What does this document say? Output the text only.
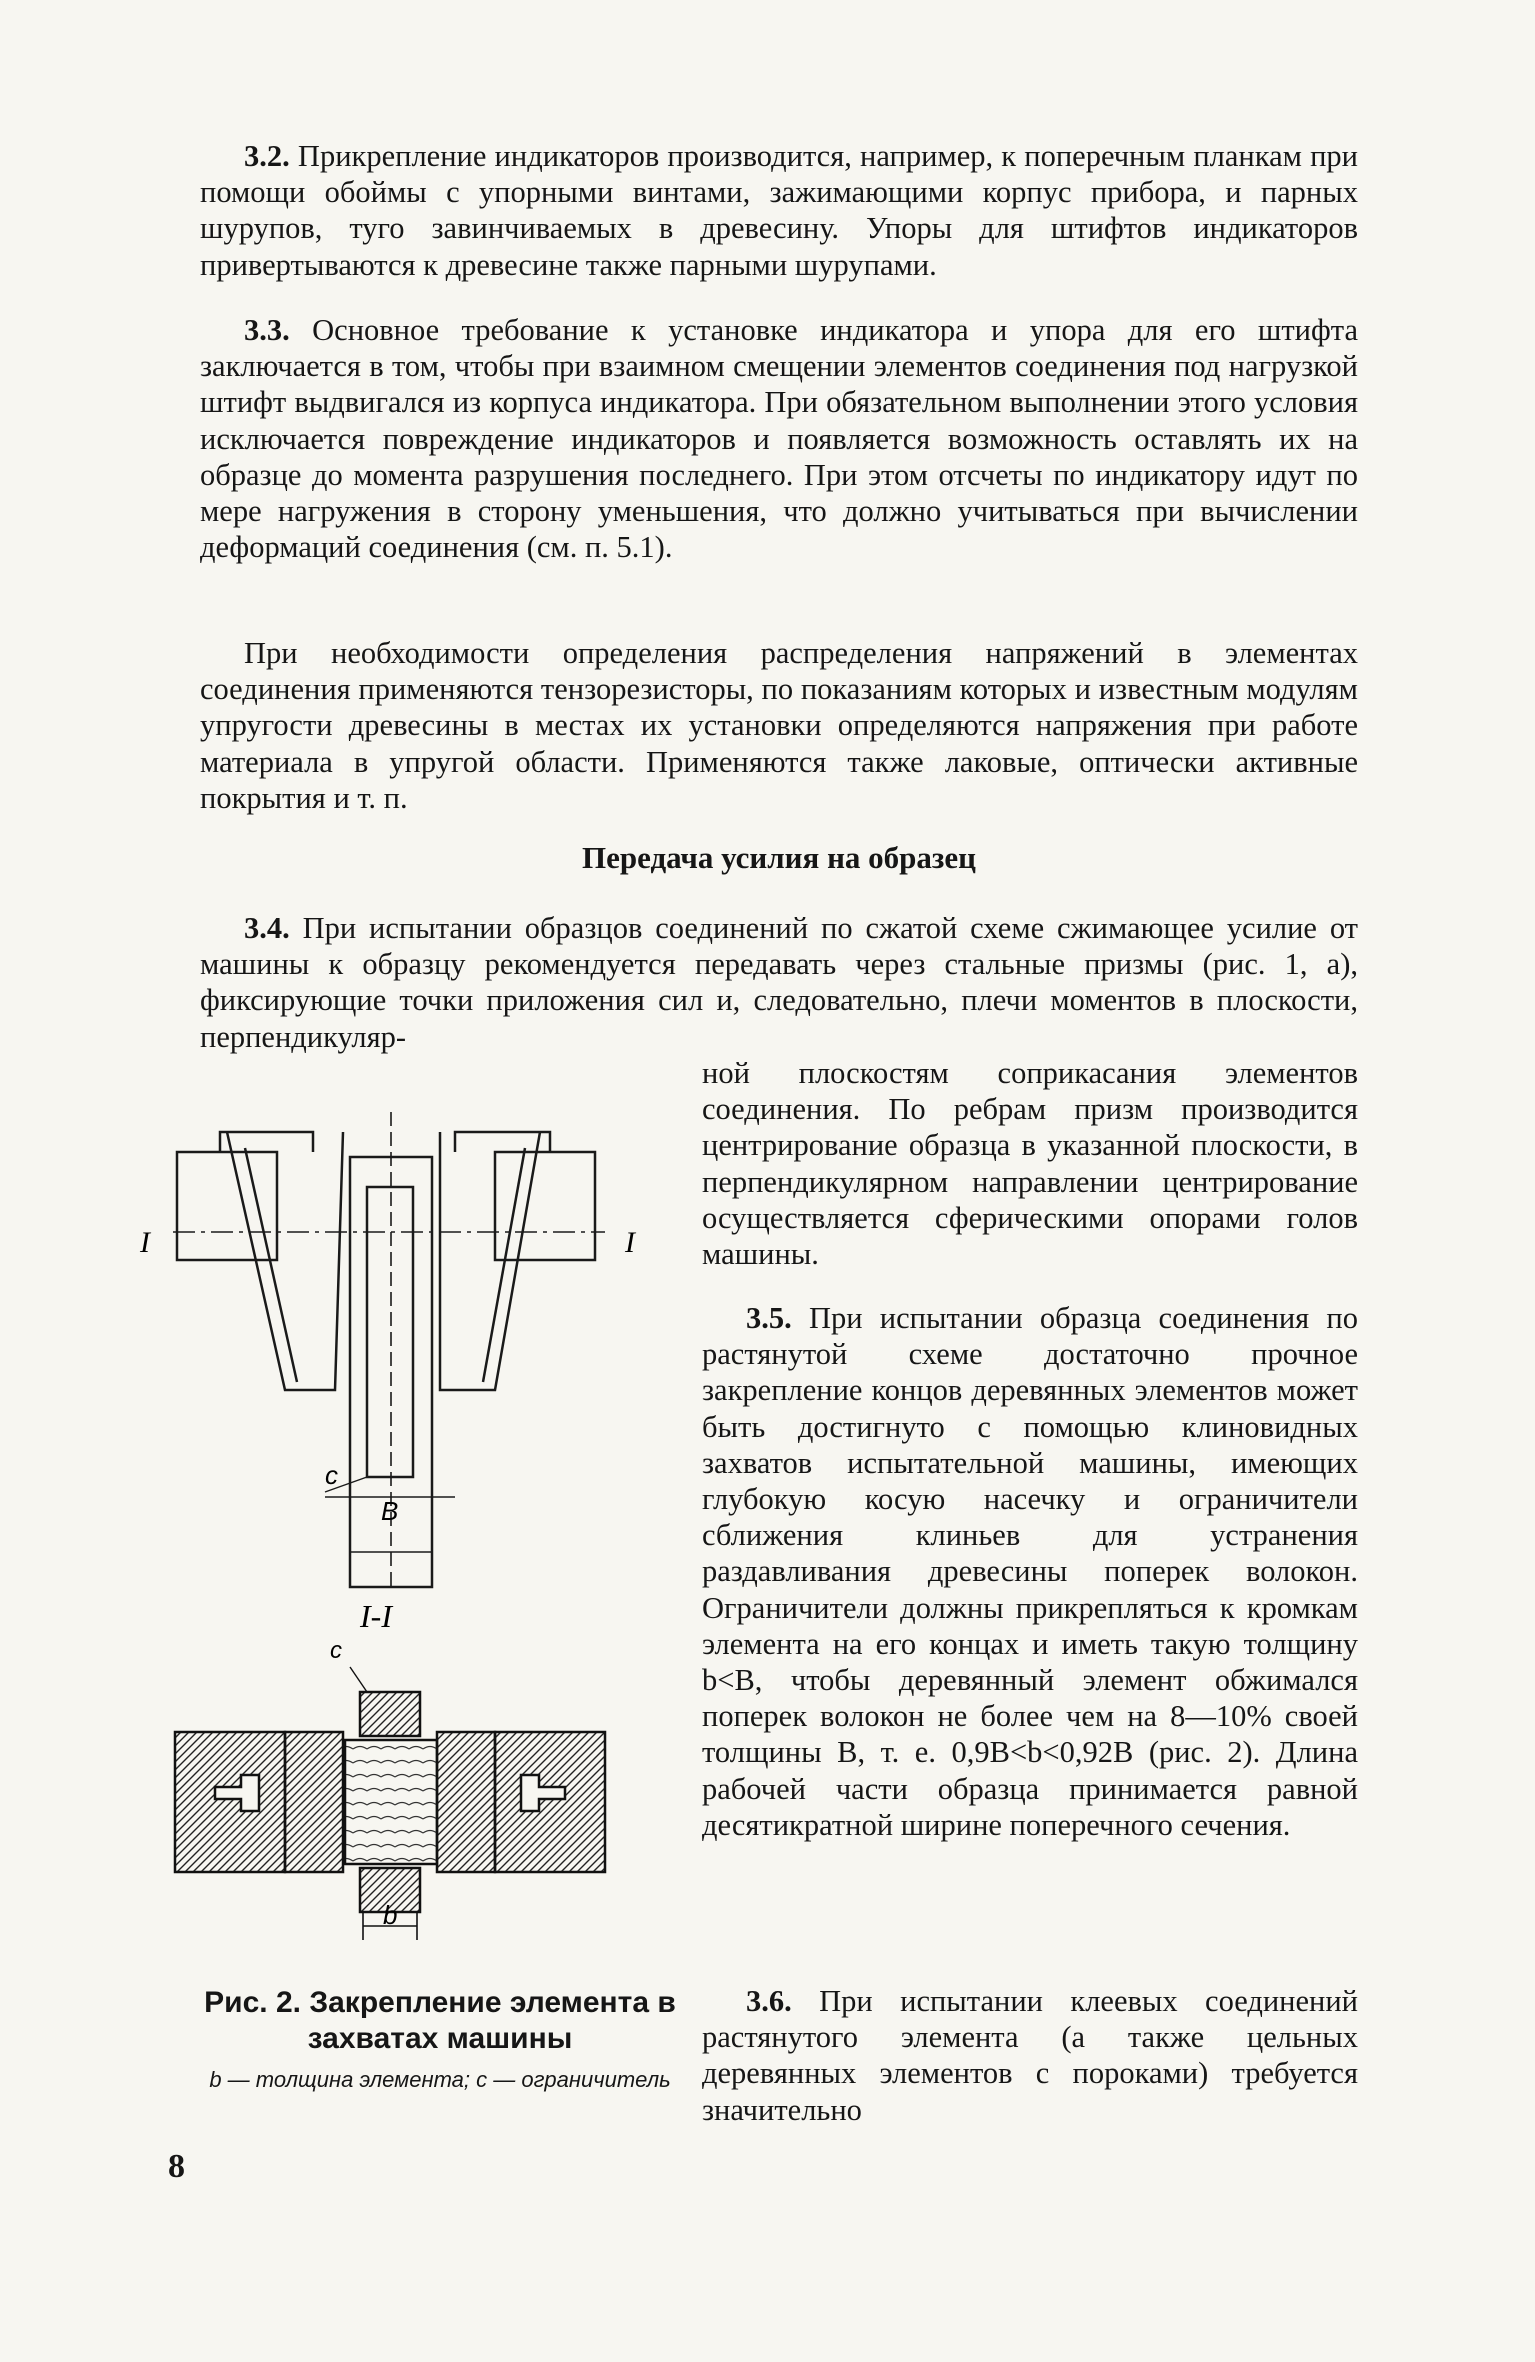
3.2. Прикрепление индикаторов производится, например, к поперечным планкам при помощи обоймы с упорными винтами, зажимающими корпус прибора, и парных шурупов, туго завинчиваемых в древесину. Упоры для штифтов индикаторов привертываются к древесине также парными шурупами.

3.3. Основное требование к установке индикатора и упора для его штифта заключается в том, чтобы при взаимном смещении элементов соединения под нагрузкой штифт выдвигался из корпуса индикатора. При обязательном выполнении этого условия исключается повреждение индикаторов и появляется возможность оставлять их на образце до момента разрушения последнего. При этом отсчеты по индикатору идут по мере нагружения в сторону уменьшения, что должно учитываться при вычислении деформаций соединения (см. п. 5.1).

При необходимости определения распределения напряжений в элементах соединения применяются тензорезисторы, по показаниям которых и известным модулям упругости древесины в местах их установки определяются напряжения при работе материала в упругой области. Применяются также лаковые, оптически активные покрытия и т. п.

Передача усилия на образец

3.4. При испытании образцов соединений по сжатой схеме сжимающее усилие от машины к образцу рекомендуется передавать через стальные призмы (рис. 1, а), фиксирующие точки приложения сил и, следовательно, плечи моментов в плоскости, перпендикуляр-

ной плоскостям соприкасания элементов соединения. По ребрам призм производится центрирование образца в указанной плоскости, в перпендикулярном направлении центрирование осуществляется сферическими опорами голов машины.

3.5. При испытании образца соединения по растянутой схеме достаточно прочное закрепление концов деревянных элементов может быть достигнуто с помощью клиновидных захватов испытательной машины, имеющих глубокую косую насечку и ограничители сближения клиньев для устранения раздавливания древесины поперек волокон. Ограничители должны прикрепляться к кромкам элемента на его концах и иметь такую толщину b<B, чтобы деревянный элемент обжимался поперек волокон не более чем на 8—10% своей толщины B, т. е. 0,9B<b<0,92B (рис. 2). Длина рабочей части образца принимается равной десятикратной ширине поперечного сечения.

3.6. При испытании клеевых соединений растянутого элемента (а также цельных деревянных элементов с пороками) требуется значительно

I	I
c
B
I-I
c
b
Рис. 2. Закрепление элемента в захватах машины
b — толщина элемента; c — ограничитель
8
